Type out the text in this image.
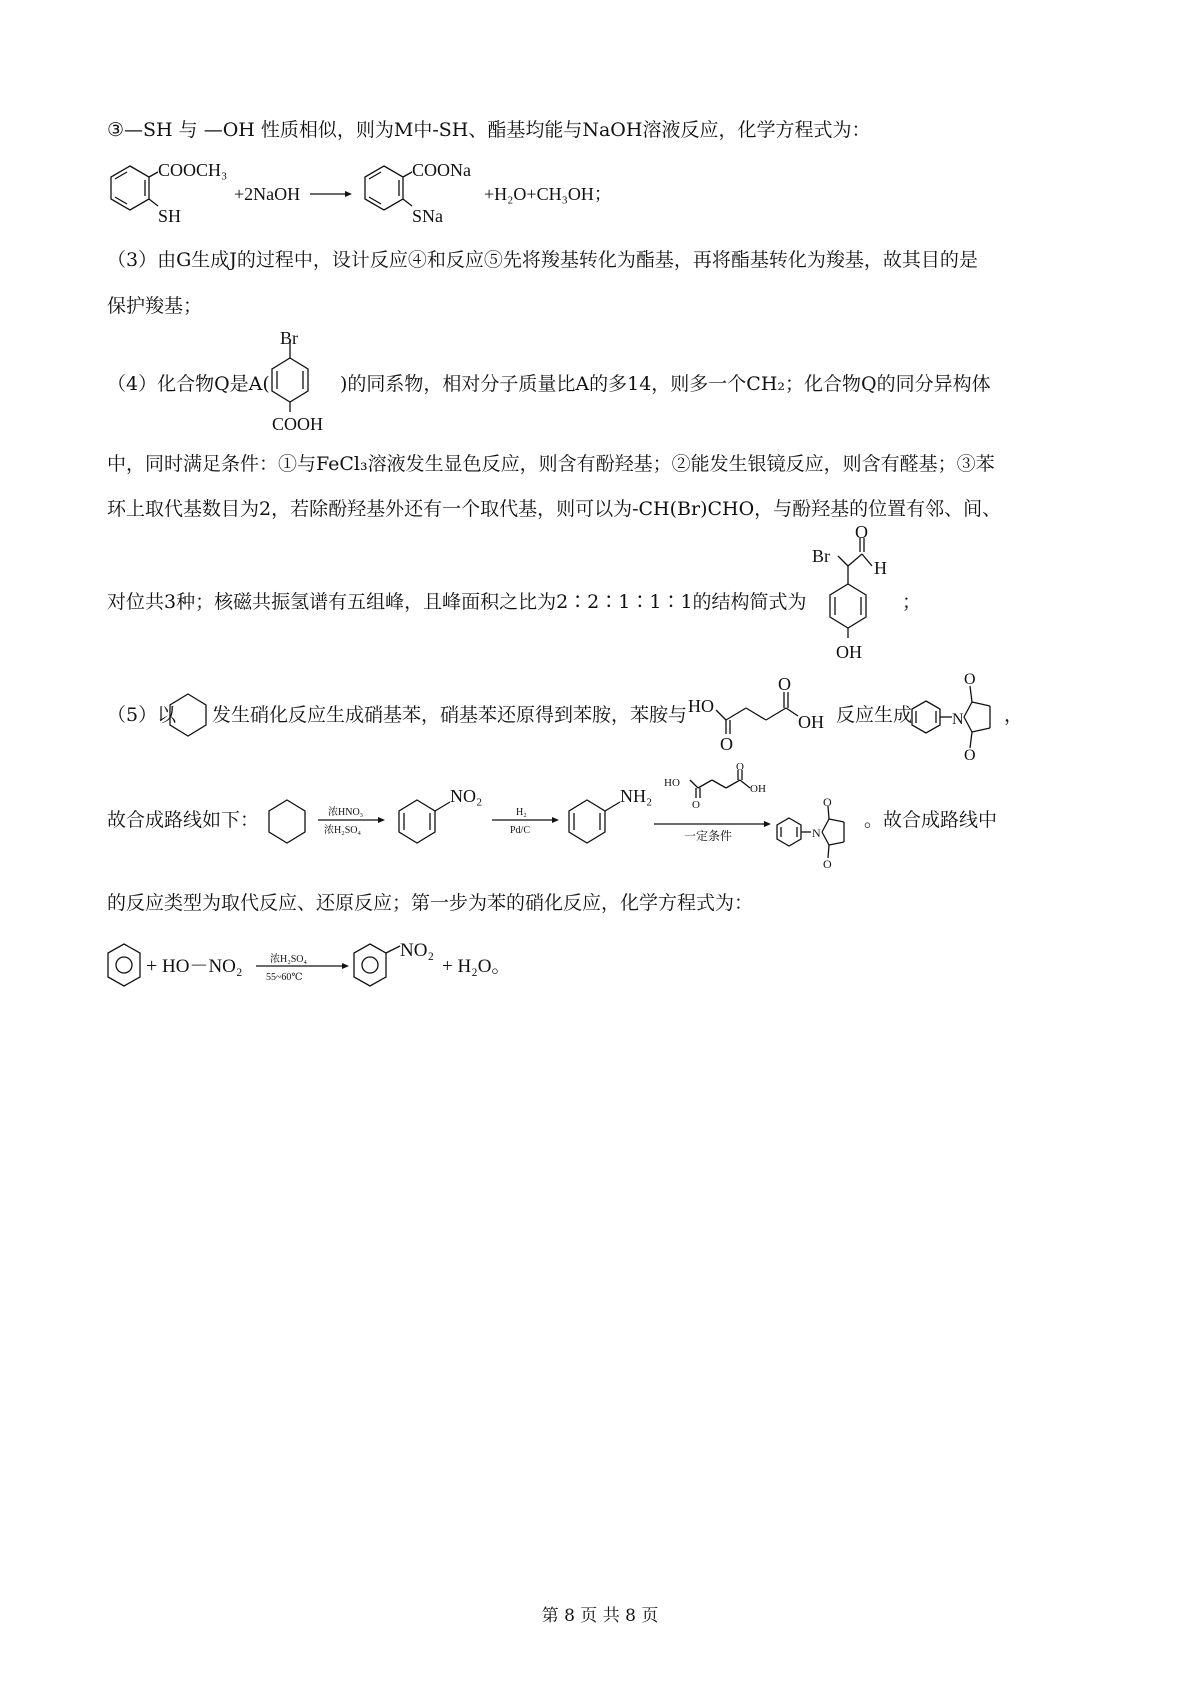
③—SH 与 —OH 性质相似，则为M中-SH、酯基均能与NaOH溶液反应，化学方程式为：
COOCH₃
SH
+2NaOH
COONa
SNa
+H₂O+CH₃OH；
（3）由G生成J的过程中，设计反应④和反应⑤先将羧基转化为酯基，再将酯基转化为羧基，故其目的是
保护羧基；
（4）化合物Q是A(
Br
COOH
)的同系物，相对分子质量比A的多14，则多一个CH₂；化合物Q的同分异构体
中，同时满足条件：①与FeCl₃溶液发生显色反应，则含有酚羟基；②能发生银镜反应，则含有醛基；③苯
环上取代基数目为2，若除酚羟基外还有一个取代基，则可以为-CH(Br)CHO，与酚羟基的位置有邻、间、
对位共3种；核磁共振氢谱有五组峰，且峰面积之比为2∶2∶1∶1∶1的结构简式为
Br
O
H
OH
；
（5）以 发生硝化反应生成硝基苯，硝基苯还原得到苯胺，苯胺与 HO
O
O
OH 反应生成 N
O
O
，
故合成路线如下：	浓HNO₃
浓H₂SO₄
NO₂
H₂
Pd/C
NH₂
HO
O
O
OH
一定条件	N
O
O
。故合成路线中
的反应类型为取代反应、还原反应；第一步为苯的硝化反应，化学方程式为：
+ HO－NO₂	浓H₂SO₄
55~60℃
NO₂
+ H₂O。
第 8 页 共 8 页
